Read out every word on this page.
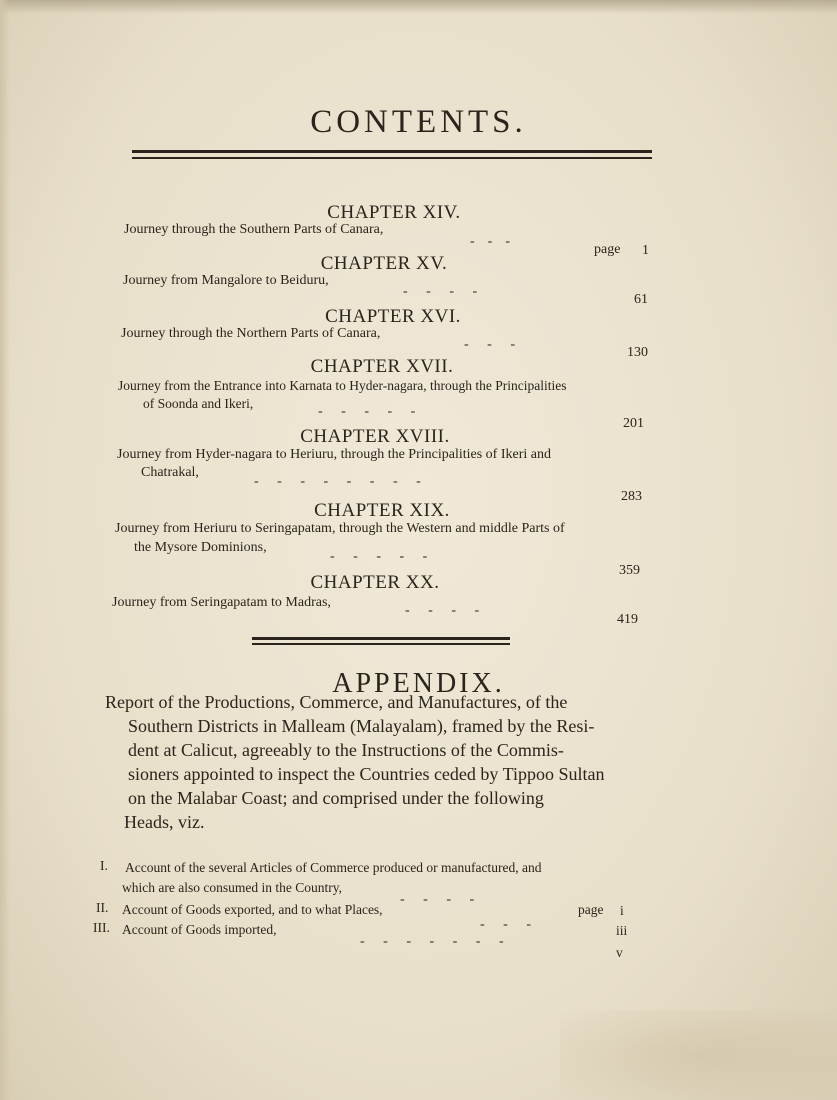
CONTENTS.
CHAPTER XIV.
Journey through the Southern Parts of Canara,
-  -  -
page 1
CHAPTER XV.
Journey from Mangalore to Beiduru,
-   -   -   -
61
CHAPTER XVI.
Journey through the Northern Parts of Canara,
-   -   -
130
CHAPTER XVII.
Journey from the Entrance into Karnata to Hyder-nagara, through the Principalities
of Soonda and Ikeri,
-   -   -   -   -
201
CHAPTER XVIII.
Journey from Hyder-nagara to Heriuru, through the Principalities of Ikeri and
Chatrakal,
-   -   -   -   -   -   -   -
283
CHAPTER XIX.
Journey from Heriuru to Seringapatam, through the Western and middle Parts of
the Mysore Dominions,
-   -   -   -   -
359
CHAPTER XX.
Journey from Seringapatam to Madras,
-   -   -   -
419
APPENDIX.
Report of the Productions, Commerce, and Manufactures, of the
Southern Districts in Malleam (Malayalam), framed by the Resi-
dent at Calicut, agreeably to the Instructions of the Commis-
sioners appointed to inspect the Countries ceded by Tippoo Sultan
on the Malabar Coast; and comprised under the following
Heads, viz.
I. Account of the several Articles of Commerce produced or manufactured, and
which are also consumed in the Country,
-   -   -   -
page i
II. Account of Goods exported, and to what Places,
-   -   -	iii
III. Account of Goods imported,
-   -   -   -   -   -   -
v
